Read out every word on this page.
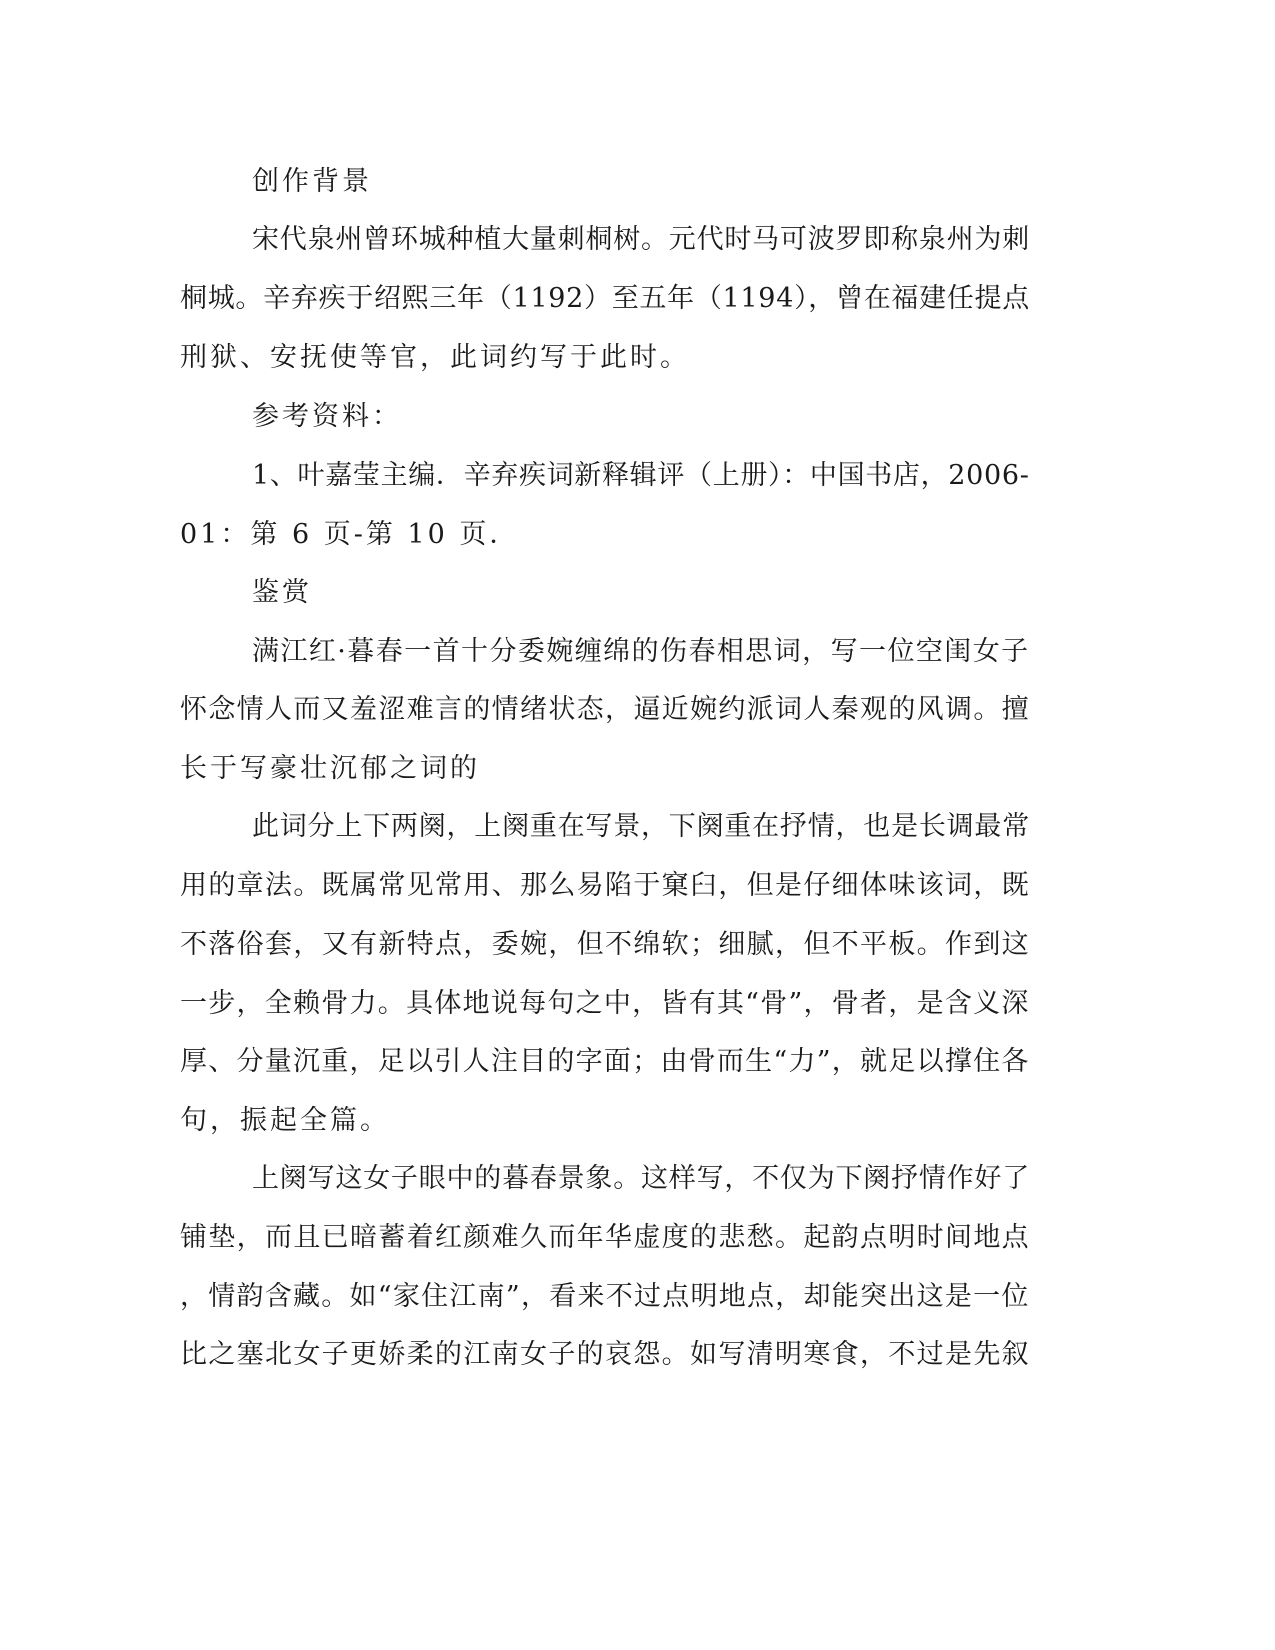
创作背景

宋代泉州曾环城种植大量刺桐树。元代时马可波罗即称泉州为刺

桐城。辛弃疾于绍熙三年（1192）至五年（1194），曾在福建任提点

刑狱、安抚使等官，此词约写于此时。

参考资料：

1、叶嘉莹主编．辛弃疾词新释辑评（上册）：中国书店，2006-

01：第 6 页-第 10 页．

鉴赏

满江红·暮春一首十分委婉缠绵的伤春相思词，写一位空闺女子

怀念情人而又羞涩难言的情绪状态，逼近婉约派词人秦观的风调。擅

长于写豪壮沉郁之词的

此词分上下两阕，上阕重在写景，下阕重在抒情，也是长调最常

用的章法。既属常见常用、那么易陷于窠臼，但是仔细体味该词，既

不落俗套，又有新特点，委婉，但不绵软；细腻，但不平板。作到这

一步，全赖骨力。具体地说每句之中，皆有其“骨”，骨者，是含义深

厚、分量沉重，足以引人注目的字面；由骨而生“力”，就足以撑住各

句，振起全篇。

上阕写这女子眼中的暮春景象。这样写，不仅为下阕抒情作好了

铺垫，而且已暗蓄着红颜难久而年华虚度的悲愁。起韵点明时间地点

，情韵含藏。如“家住江南”，看来不过点明地点，却能突出这是一位

比之塞北女子更娇柔的江南女子的哀怨。如写清明寒食，不过是先叙
